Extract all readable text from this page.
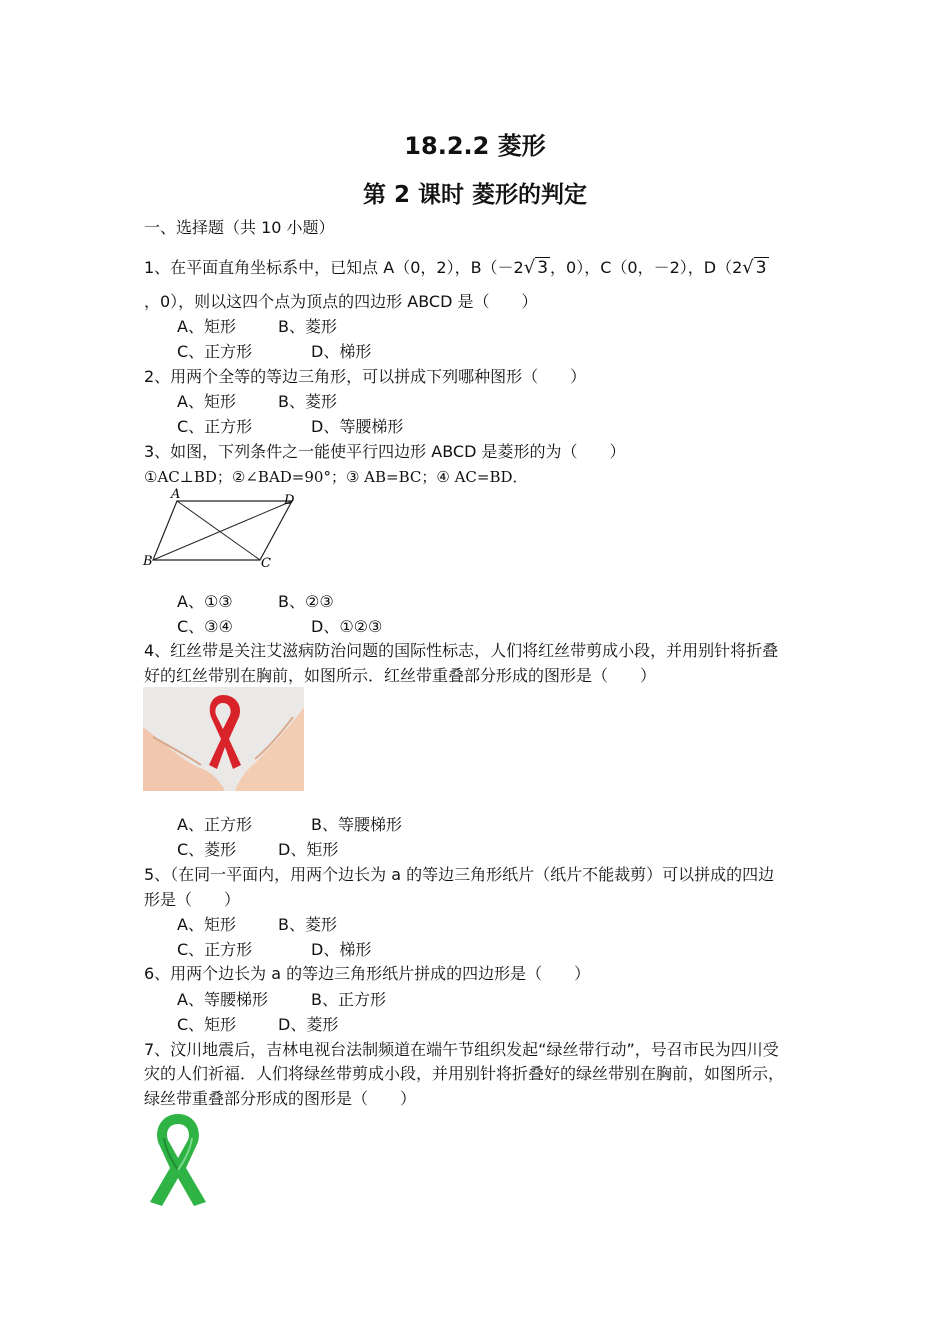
18.2.2 菱形
第 2 课时 菱形的判定
一、选择题（共 10 小题）
1、在平面直角坐标系中，已知点 A（0，2），B（－2√ 3 ，0），C（0，－2），D（2√ 3
，0），则以这四个点为顶点的四边形 ABCD 是（　　）
A、矩形	B、菱形
C、正方形	D、梯形
2、用两个全等的等边三角形，可以拼成下列哪种图形（　　）
A、矩形	B、菱形
C、正方形	D、等腰梯形
3、如图，下列条件之一能使平行四边形 ABCD 是菱形的为（　　）
①AC⊥BD；②∠BAD=90°；③ AB=BC；④ AC=BD．
A	D
B	C
A、①③	B、②③
C、③④	D、①②③
4、红丝带是关注艾滋病防治问题的国际性标志，人们将红丝带剪成小段，并用别针将折叠
好的红丝带别在胸前，如图所示．红丝带重叠部分形成的图形是（　　）
A、正方形	B、等腰梯形
C、菱形	D、矩形
5、（在同一平面内，用两个边长为 a 的等边三角形纸片（纸片不能裁剪）可以拼成的四边
形是（　　）
A、矩形	B、菱形
C、正方形	D、梯形
6、用两个边长为 a 的等边三角形纸片拼成的四边形是（　　）
A、等腰梯形	B、正方形
C、矩形	D、菱形
7、汶川地震后，吉林电视台法制频道在端午节组织发起“绿丝带行动”，号召市民为四川受
灾的人们祈福．人们将绿丝带剪成小段，并用别针将折叠好的绿丝带别在胸前，如图所示，
绿丝带重叠部分形成的图形是（　　）
